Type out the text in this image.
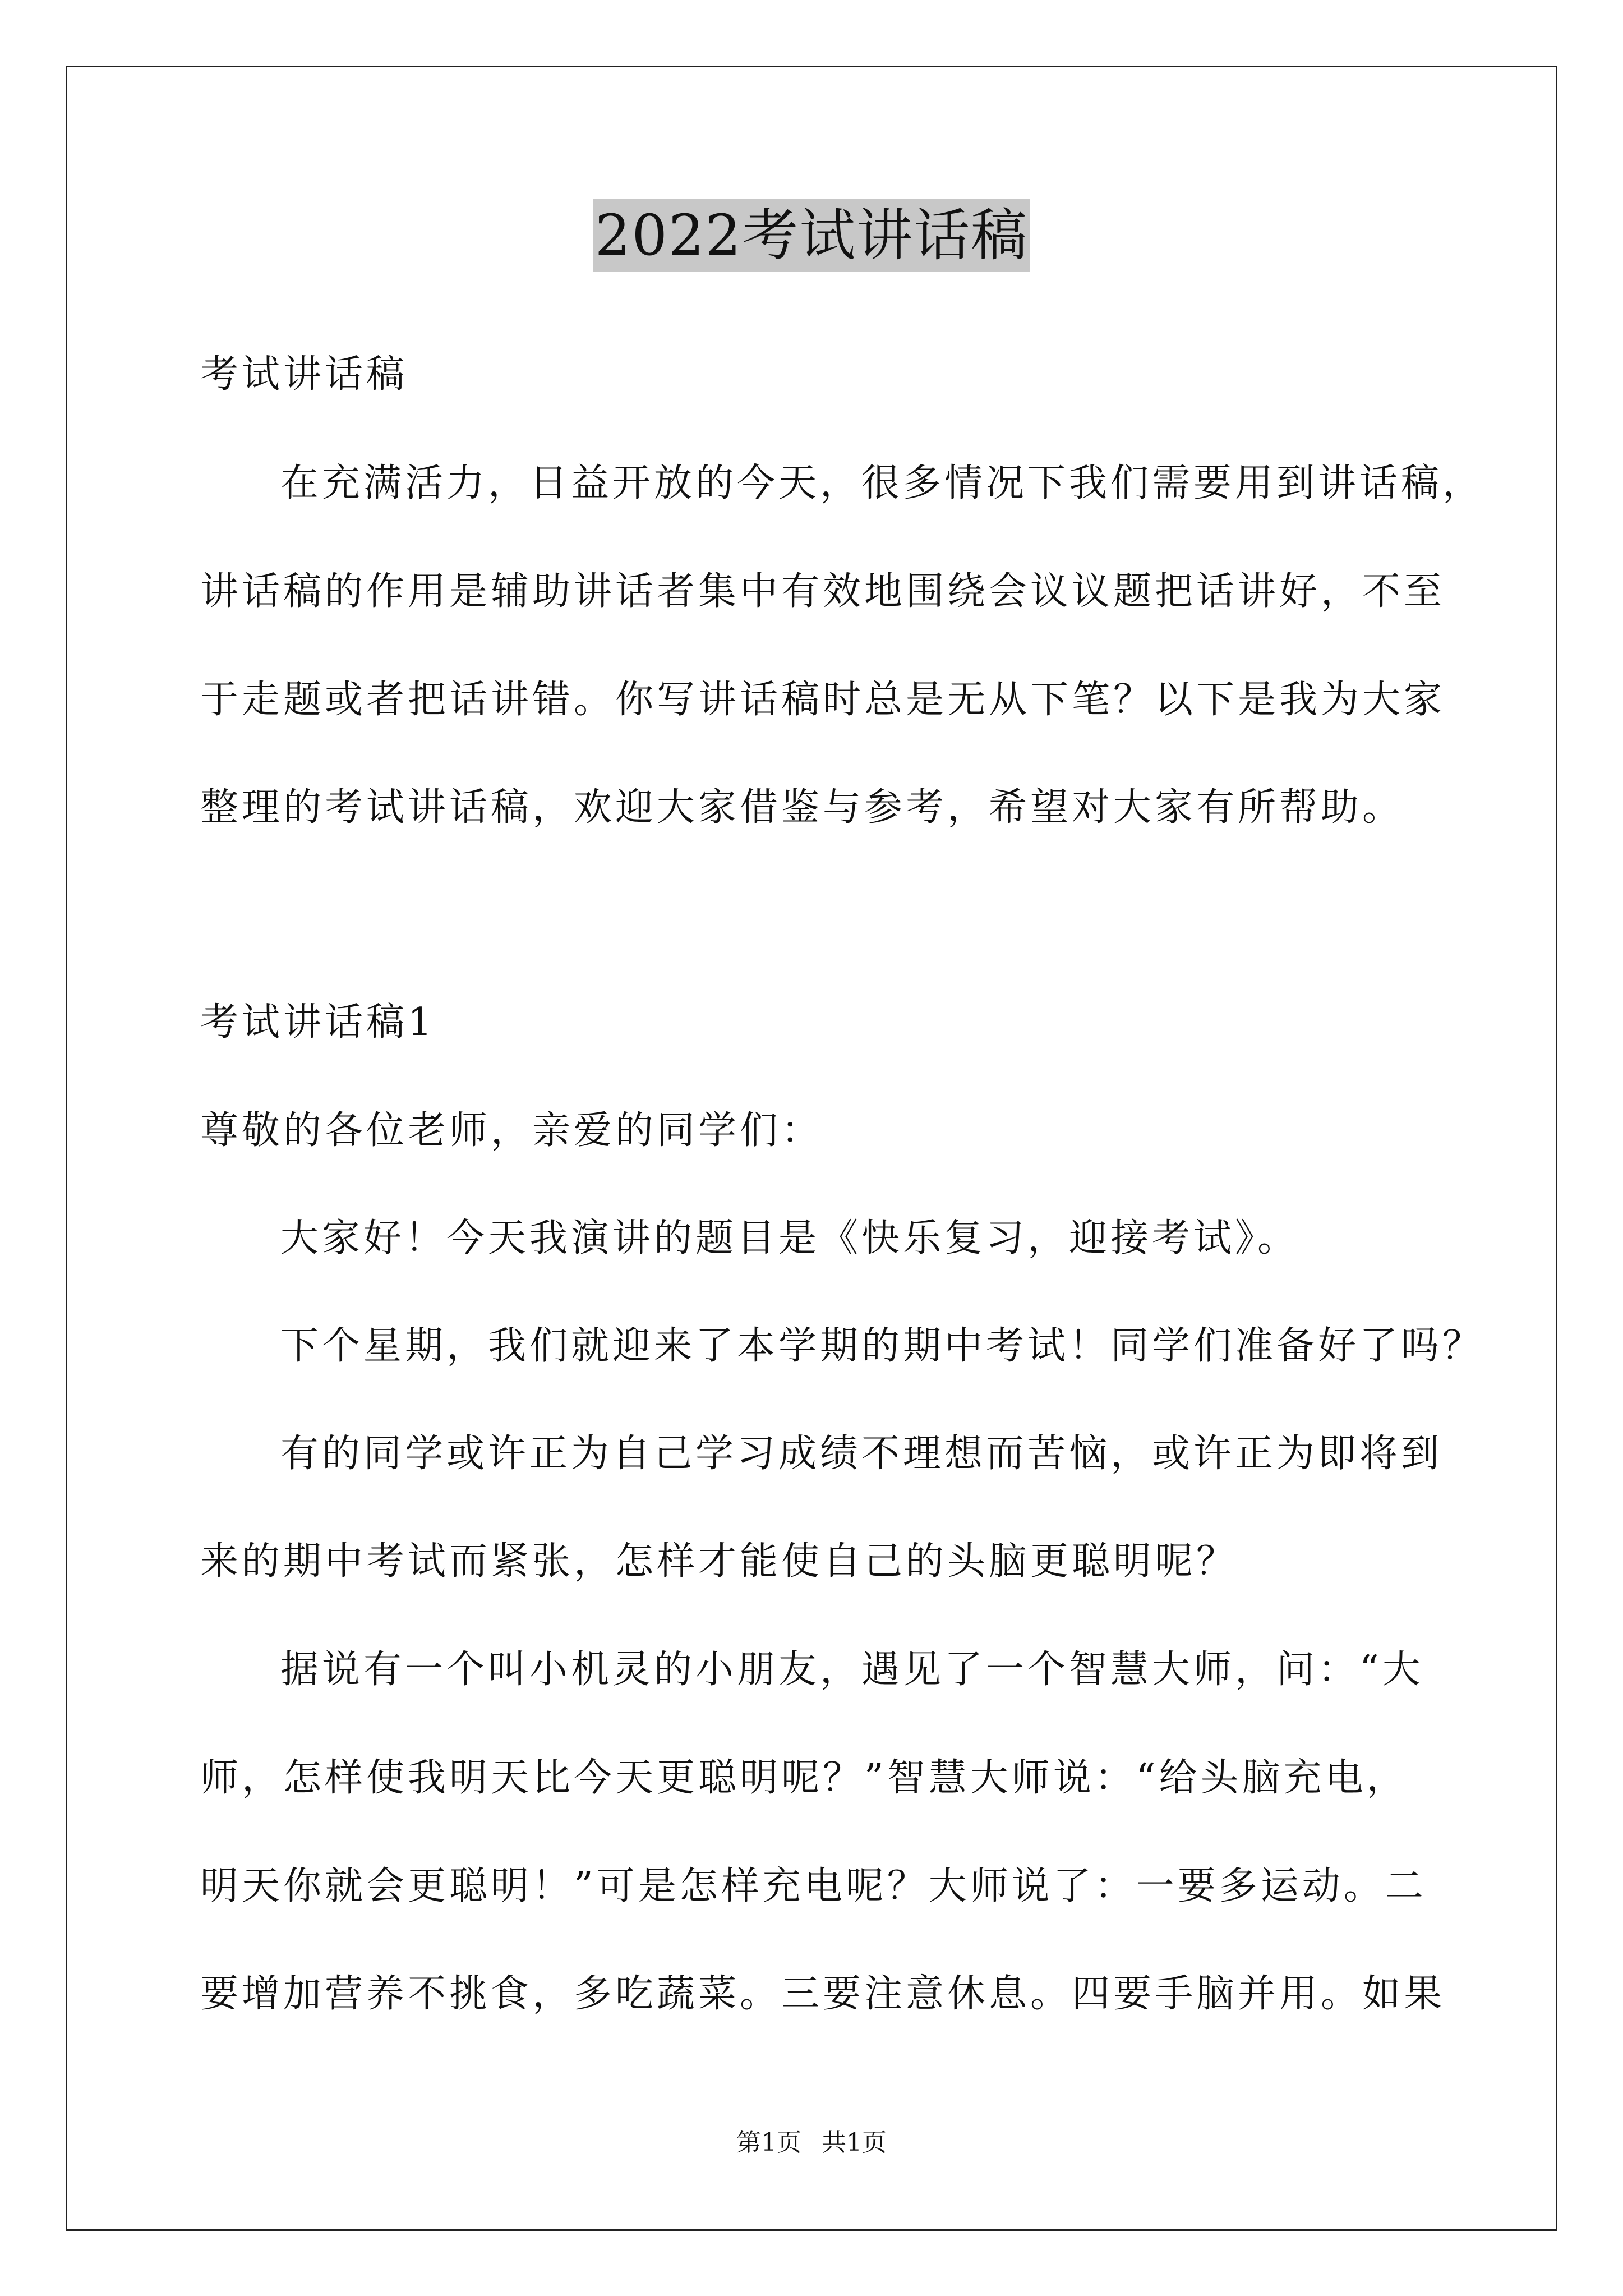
2022考试讲话稿
考试讲话稿
在充满活力，日益开放的今天，很多情况下我们需要用到讲话稿，
讲话稿的作用是辅助讲话者集中有效地围绕会议议题把话讲好，不至
于走题或者把话讲错。你写讲话稿时总是无从下笔？以下是我为大家
整理的考试讲话稿，欢迎大家借鉴与参考，希望对大家有所帮助。
考试讲话稿1
尊敬的各位老师，亲爱的同学们：
大家好！今天我演讲的题目是《快乐复习，迎接考试》。
下个星期，我们就迎来了本学期的期中考试！同学们准备好了吗？
有的同学或许正为自己学习成绩不理想而苦恼，或许正为即将到
来的期中考试而紧张，怎样才能使自己的头脑更聪明呢？
据说有一个叫小机灵的小朋友，遇见了一个智慧大师，问：“大
师，怎样使我明天比今天更聪明呢？”智慧大师说：“给头脑充电，
明天你就会更聪明！”可是怎样充电呢？大师说了：一要多运动。二
要增加营养不挑食，多吃蔬菜。三要注意休息。四要手脑并用。如果
第1页 共1页
